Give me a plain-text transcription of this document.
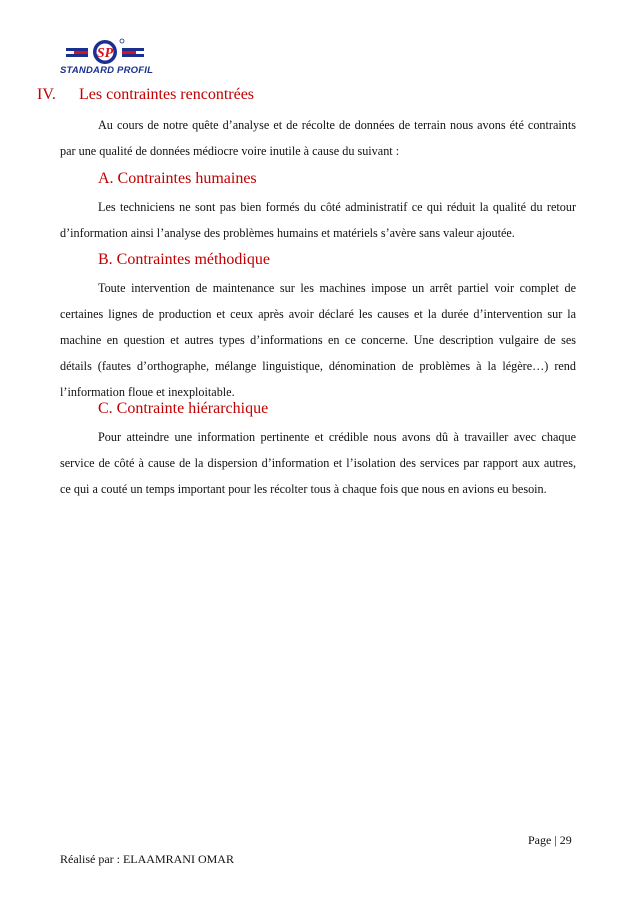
SP
STANDARD PROFIL
IV. Les contraintes rencontrées
Au cours de notre quête d’analyse et de récolte de données de terrain nous avons été contraints
par une qualité de données médiocre voire inutile à cause du suivant :
A. Contraintes humaines
Les techniciens ne sont pas bien formés du côté administratif ce qui réduit la qualité du retour
d’information ainsi l’analyse des problèmes humains et matériels s’avère sans valeur ajoutée.
B. Contraintes méthodique
Toute intervention de maintenance sur les machines impose un arrêt partiel voir complet de
certaines lignes de production et ceux après avoir déclaré les causes et la durée d’intervention sur la
machine en question et autres types d’informations en ce concerne. Une description vulgaire de ses
détails (fautes d’orthographe, mélange linguistique, dénomination de problèmes à la légère…) rend
l’information floue et inexploitable.
C. Contrainte hiérarchique
Pour atteindre une information pertinente et crédible nous avons dû à travailler avec chaque
service de côté à cause de la dispersion d’information et l’isolation des services par rapport aux autres,
ce qui a couté un temps important pour les récolter tous à chaque fois que nous en avions eu besoin.
Page | 29
Réalisé par : ELAAMRANI OMAR
